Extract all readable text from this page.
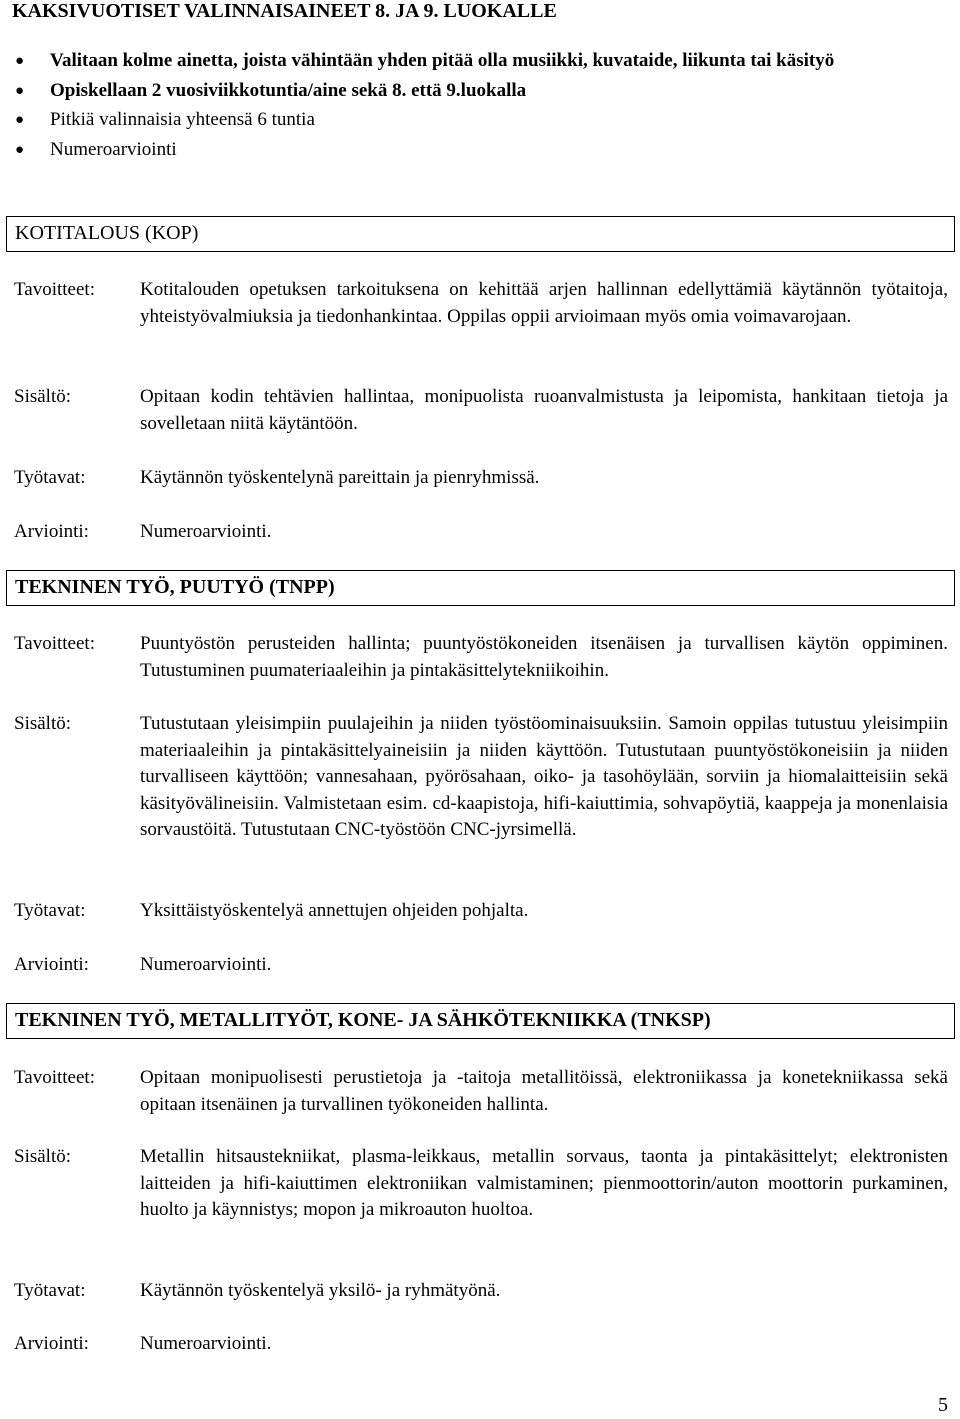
KAKSIVUOTISET VALINNAISAINEET 8. JA 9. LUOKALLE
● Valitaan kolme ainetta, joista vähintään yhden pitää olla musiikki, kuvataide, liikunta tai käsityö
● Opiskellaan 2 vuosiviikkotuntia/aine sekä 8. että 9.luokalla
● Pitkiä valinnaisia yhteensä 6 tuntia
● Numeroarviointi
KOTITALOUS (KOP)
Tavoitteet:	Kotitalouden opetuksen tarkoituksena on kehittää arjen hallinnan edellyttämiä käytännön työtaitoja, yhteistyövalmiuksia ja tiedonhankintaa. Oppilas oppii arvioimaan myös omia voimavarojaan.
Sisältö:	Opitaan kodin tehtävien hallintaa, monipuolista ruoanvalmistusta ja leipomista, hankitaan tietoja ja sovelletaan niitä käytäntöön.
Työtavat:	Käytännön työskentelynä pareittain ja pienryhmissä.
Arviointi:	Numeroarviointi.
TEKNINEN TYÖ, PUUTYÖ (TNPP)
Tavoitteet:	Puuntyöstön perusteiden hallinta; puuntyöstökoneiden itsenäisen ja turvallisen käytön oppiminen. Tutustuminen puumateriaaleihin ja pintakäsittelytekniikoihin.
Sisältö:	Tutustutaan yleisimpiin puulajeihin ja niiden työstöominaisuuksiin. Samoin oppilas tutustuu yleisimpiin materiaaleihin ja pintakäsittelyaineisiin ja niiden käyttöön. Tutustutaan puuntyöstökoneisiin ja niiden turvalliseen käyttöön; vannesahaan, pyörösahaan, oiko- ja tasohöylään, sorviin ja hiomalaitteisiin sekä käsityövälineisiin. Valmistetaan esim. cd-kaapistoja, hifi-kaiuttimia, sohvapöytiä, kaappeja ja monenlaisia sorvaustöitä. Tutustutaan CNC-työstöön CNC-jyrsimellä.
Työtavat:	Yksittäistyöskentelyä annettujen ohjeiden pohjalta.
Arviointi:	Numeroarviointi.
TEKNINEN TYÖ, METALLITYÖT, KONE- JA SÄHKÖTEKNIIKKA (TNKSP)
Tavoitteet:	Opitaan monipuolisesti perustietoja ja -taitoja metallitöissä, elektroniikassa ja konetekniikassa sekä opitaan itsenäinen ja turvallinen työkoneiden hallinta.
Sisältö:	Metallin hitsaustekniikat, plasma-leikkaus, metallin sorvaus, taonta ja pintakäsittelyt; elektronisten laitteiden ja hifi-kaiuttimen elektroniikan valmistaminen; pienmoottorin/auton moottorin purkaminen, huolto ja käynnistys; mopon ja mikroauton huoltoa.
Työtavat:	Käytännön työskentelyä yksilö- ja ryhmätyönä.
Arviointi:	Numeroarviointi.
5
